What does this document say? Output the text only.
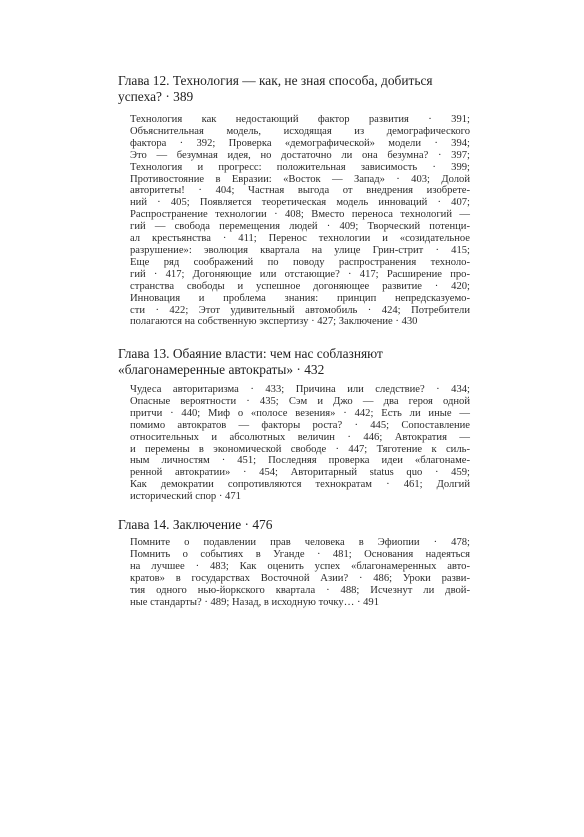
Глава 12. Технология — как, не зная способа, добиться
успеха? · 389
Технология как недостающий фактор развития · 391;
Объяснительная модель, исходящая из демографического
фактора · 392; Проверка «демографической» модели · 394;
Это — безумная идея, но достаточно ли она безумна? · 397;
Технология и прогресс: положительная зависимость · 399;
Противостояние в Евразии: «Восток — Запад» · 403; Долой
авторитеты! · 404; Частная выгода от внедрения изобрете-
ний · 405; Появляется теоретическая модель инноваций · 407;
Распространение технологии · 408; Вместо переноса технологий —
гий — свобода перемещения людей · 409; Творческий потенци-
ал крестьянства · 411; Перенос технологии и «созидательное
разрушение»: эволюция квартала на улице Грин-стрит · 415;
Еще ряд соображений по поводу распространения техноло-
гий · 417; Догоняющие или отстающие? · 417; Расширение про-
странства свободы и успешное догоняющее развитие · 420;
Инновация и проблема знания: принцип непредсказуемо-
сти · 422; Этот удивительный автомобиль · 424; Потребители
полагаются на собственную экспертизу · 427; Заключение · 430
Глава 13. Обаяние власти: чем нас соблазняют
«благонамеренные автократы» · 432
Чудеса авторитаризма · 433; Причина или следствие? · 434;
Опасные вероятности · 435; Сэм и Джо — два героя одной
притчи · 440; Миф о «полосе везения» · 442; Есть ли иные —
помимо автократов — факторы роста? · 445; Сопоставление
относительных и абсолютных величин · 446; Автократия —
и перемены в экономической свободе · 447; Тяготение к силь-
ным личностям · 451; Последняя проверка идеи «благонаме-
ренной автократии» · 454; Авторитарный status quo · 459;
Как демократии сопротивляются технократам · 461; Долгий
исторический спор · 471
Глава 14. Заключение · 476
Помните о подавлении прав человека в Эфиопии · 478;
Помнить о событиях в Уганде · 481; Основания надеяться
на лучшее · 483; Как оценить успех «благонамеренных авто-
кратов» в государствах Восточной Азии? · 486; Уроки разви-
тия одного нью-йоркского квартала · 488; Исчезнут ли двой-
ные стандарты? · 489; Назад, в исходную точку… · 491
